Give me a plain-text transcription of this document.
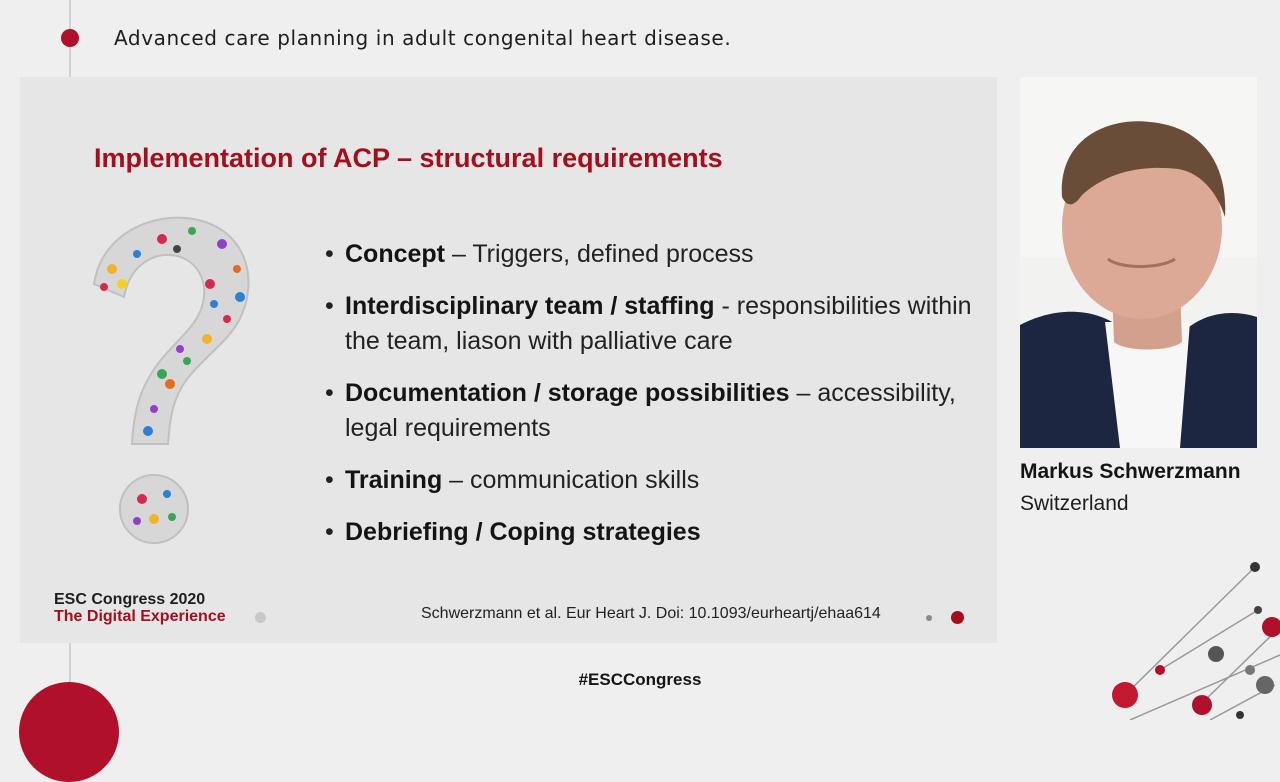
Advanced care planning in adult congenital heart disease.
Implementation of ACP – structural requirements
• Concept – Triggers, defined process
• Interdisciplinary team / staffing - responsibilities within the team, liason with palliative care
• Documentation / storage possibilities – accessibility, legal requirements
• Training – communication skills
• Debriefing / Coping strategies
ESC Congress 2020
The Digital Experience	Schwerzmann et al. Eur Heart J. Doi: 10.1093/eurheartj/ehaa614
Markus Schwerzmann
Switzerland
#ESCCongress
